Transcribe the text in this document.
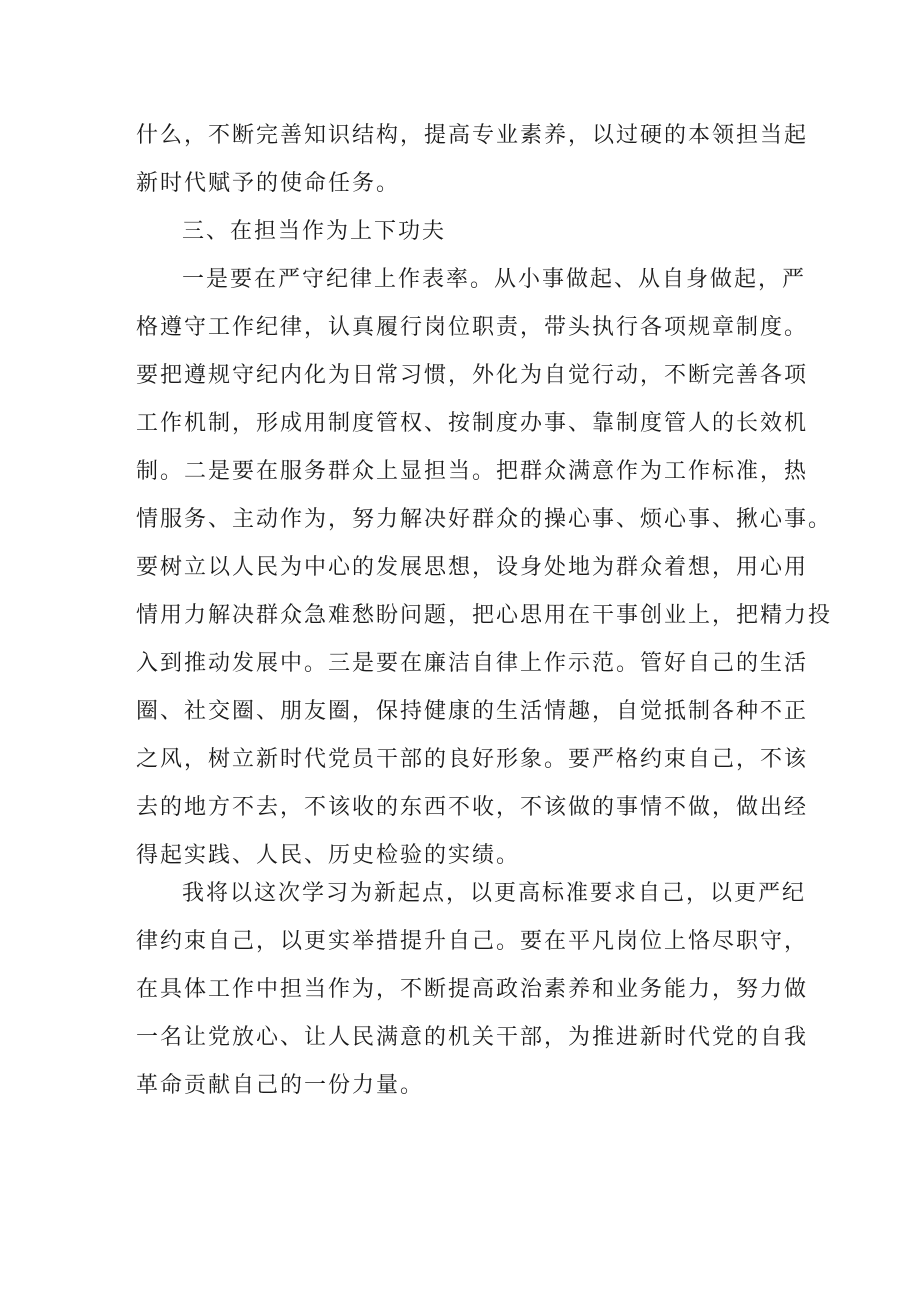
什么，不断完善知识结构，提高专业素养，以过硬的本领担当起
新时代赋予的使命任务。
三、在担当作为上下功夫
一是要在严守纪律上作表率。从小事做起、从自身做起，严
格遵守工作纪律，认真履行岗位职责，带头执行各项规章制度。
要把遵规守纪内化为日常习惯，外化为自觉行动，不断完善各项
工作机制，形成用制度管权、按制度办事、靠制度管人的长效机
制。二是要在服务群众上显担当。把群众满意作为工作标准，热
情服务、主动作为，努力解决好群众的操心事、烦心事、揪心事。
要树立以人民为中心的发展思想，设身处地为群众着想，用心用
情用力解决群众急难愁盼问题，把心思用在干事创业上，把精力投
入到推动发展中。三是要在廉洁自律上作示范。管好自己的生活
圈、社交圈、朋友圈，保持健康的生活情趣，自觉抵制各种不正
之风，树立新时代党员干部的良好形象。要严格约束自己，不该
去的地方不去，不该收的东西不收，不该做的事情不做，做出经
得起实践、人民、历史检验的实绩。
我将以这次学习为新起点，以更高标准要求自己，以更严纪
律约束自己，以更实举措提升自己。要在平凡岗位上恪尽职守，
在具体工作中担当作为，不断提高政治素养和业务能力，努力做
一名让党放心、让人民满意的机关干部，为推进新时代党的自我
革命贡献自己的一份力量。
